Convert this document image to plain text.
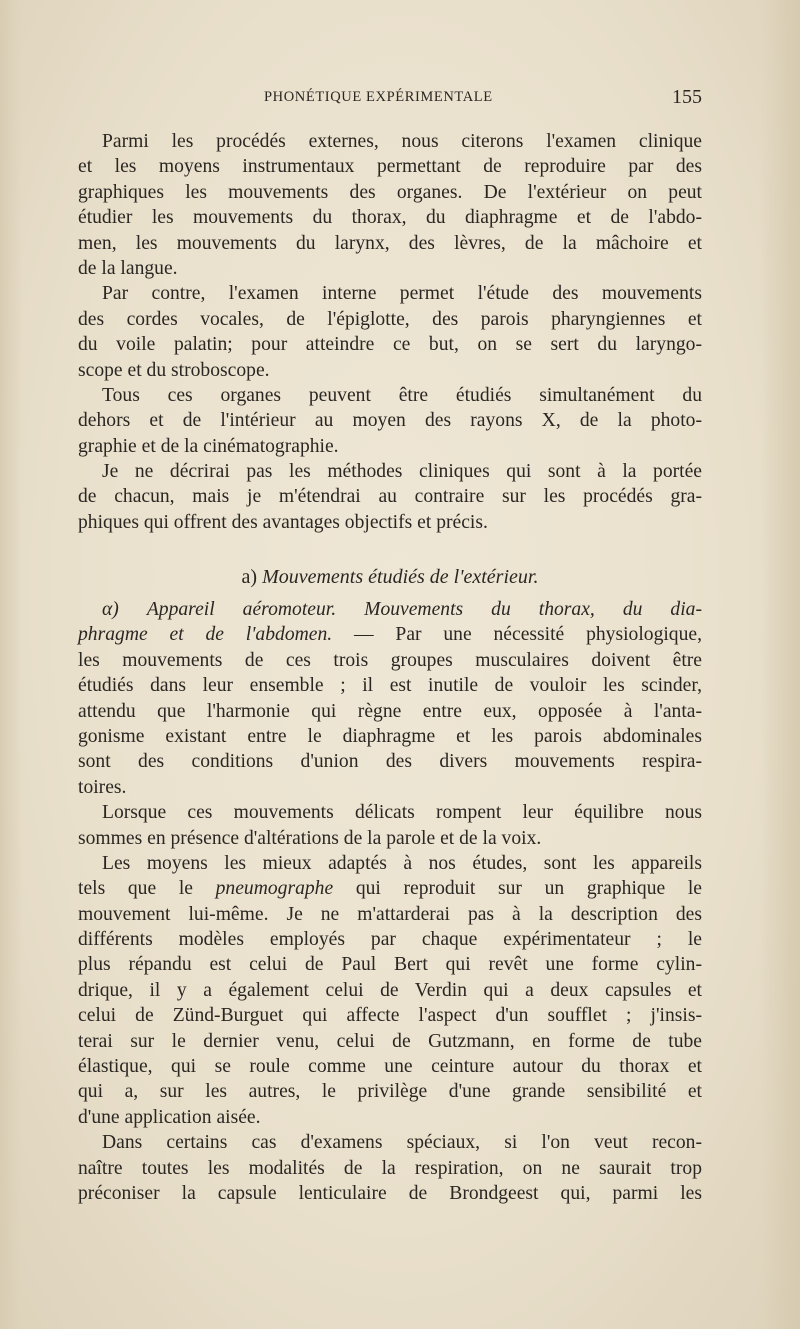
PHONÉTIQUE EXPÉRIMENTALE	155
Parmi les procédés externes, nous citerons l'examen clinique
et les moyens instrumentaux permettant de reproduire par des
graphiques les mouvements des organes. De l'extérieur on peut
étudier les mouvements du thorax, du diaphragme et de l'abdo-
men, les mouvements du larynx, des lèvres, de la mâchoire et
de la langue.
Par contre, l'examen interne permet l'étude des mouvements
des cordes vocales, de l'épiglotte, des parois pharyngiennes et
du voile palatin; pour atteindre ce but, on se sert du laryngo-
scope et du stroboscope.
Tous ces organes peuvent être étudiés simultanément du
dehors et de l'intérieur au moyen des rayons X, de la photo-
graphie et de la cinématographie.
Je ne décrirai pas les méthodes cliniques qui sont à la portée
de chacun, mais je m'étendrai au contraire sur les procédés gra-
phiques qui offrent des avantages objectifs et précis.
a) Mouvements étudiés de l'extérieur.
α) Appareil aéromoteur. Mouvements du thorax, du dia-
phragme et de l'abdomen. — Par une nécessité physiologique,
les mouvements de ces trois groupes musculaires doivent être
étudiés dans leur ensemble ; il est inutile de vouloir les scinder,
attendu que l'harmonie qui règne entre eux, opposée à l'anta-
gonisme existant entre le diaphragme et les parois abdominales
sont des conditions d'union des divers mouvements respira-
toires.
Lorsque ces mouvements délicats rompent leur équilibre nous
sommes en présence d'altérations de la parole et de la voix.
Les moyens les mieux adaptés à nos études, sont les appareils
tels que le pneumographe qui reproduit sur un graphique le
mouvement lui-même. Je ne m'attarderai pas à la description des
différents modèles employés par chaque expérimentateur ; le
plus répandu est celui de Paul Bert qui revêt une forme cylin-
drique, il y a également celui de Verdin qui a deux capsules et
celui de Zünd-Burguet qui affecte l'aspect d'un soufflet ; j'insis-
terai sur le dernier venu, celui de Gutzmann, en forme de tube
élastique, qui se roule comme une ceinture autour du thorax et
qui a, sur les autres, le privilège d'une grande sensibilité et
d'une application aisée.
Dans certains cas d'examens spéciaux, si l'on veut recon-
naître toutes les modalités de la respiration, on ne saurait trop
préconiser la capsule lenticulaire de Brondgeest qui, parmi les
